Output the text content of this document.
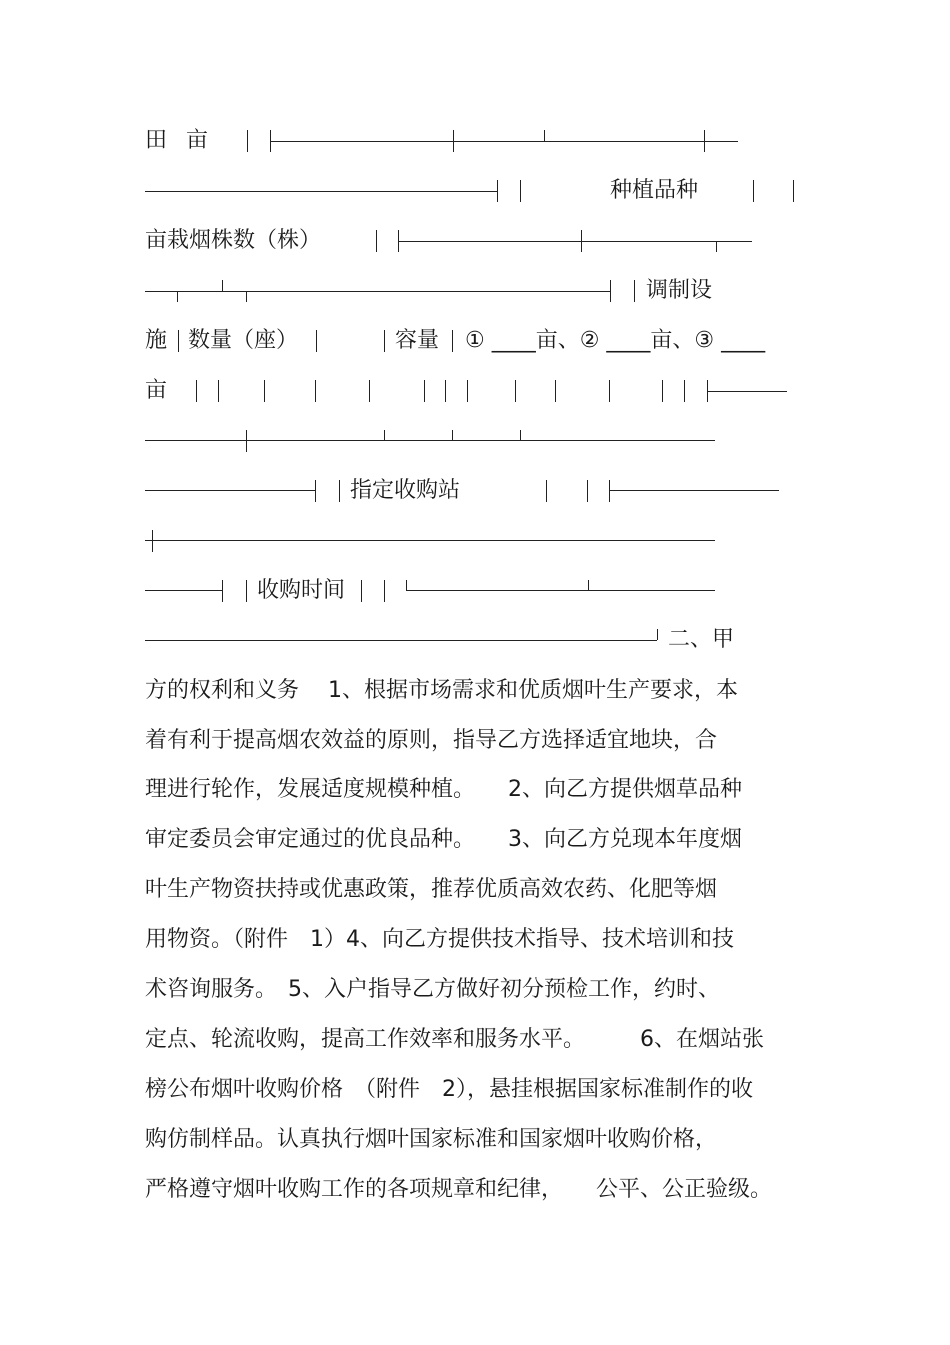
田 亩
种植品种
亩栽烟株数（株）
调制设
施 数量（座）	容量 ① ____亩、② ____亩、③ ____
亩
指定收购站
收购时间
二、甲
方的权利和义务　 1、根据市场需求和优质烟叶生产要求，本
着有利于提高烟农效益的原则，指导乙方选择适宜地块，合
理进行轮作，发展适度规模种植。　　2、向乙方提供烟草品种
审定委员会审定通过的优良品种。　　3、向乙方兑现本年度烟
叶生产物资扶持或优惠政策，推荐优质高效农药、化肥等烟
用物资。（附件　1）4、向乙方提供技术指导、技术培训和技
术咨询服务。　5、入户指导乙方做好初分预检工作，约时、
定点、轮流收购，提高工作效率和服务水平。　　　6、在烟站张
榜公布烟叶收购价格　（附件　2），悬挂根据国家标准制作的收
购仿制样品。认真执行烟叶国家标准和国家烟叶收购价格，
严格遵守烟叶收购工作的各项规章和纪律，　　公平、公正验级。
